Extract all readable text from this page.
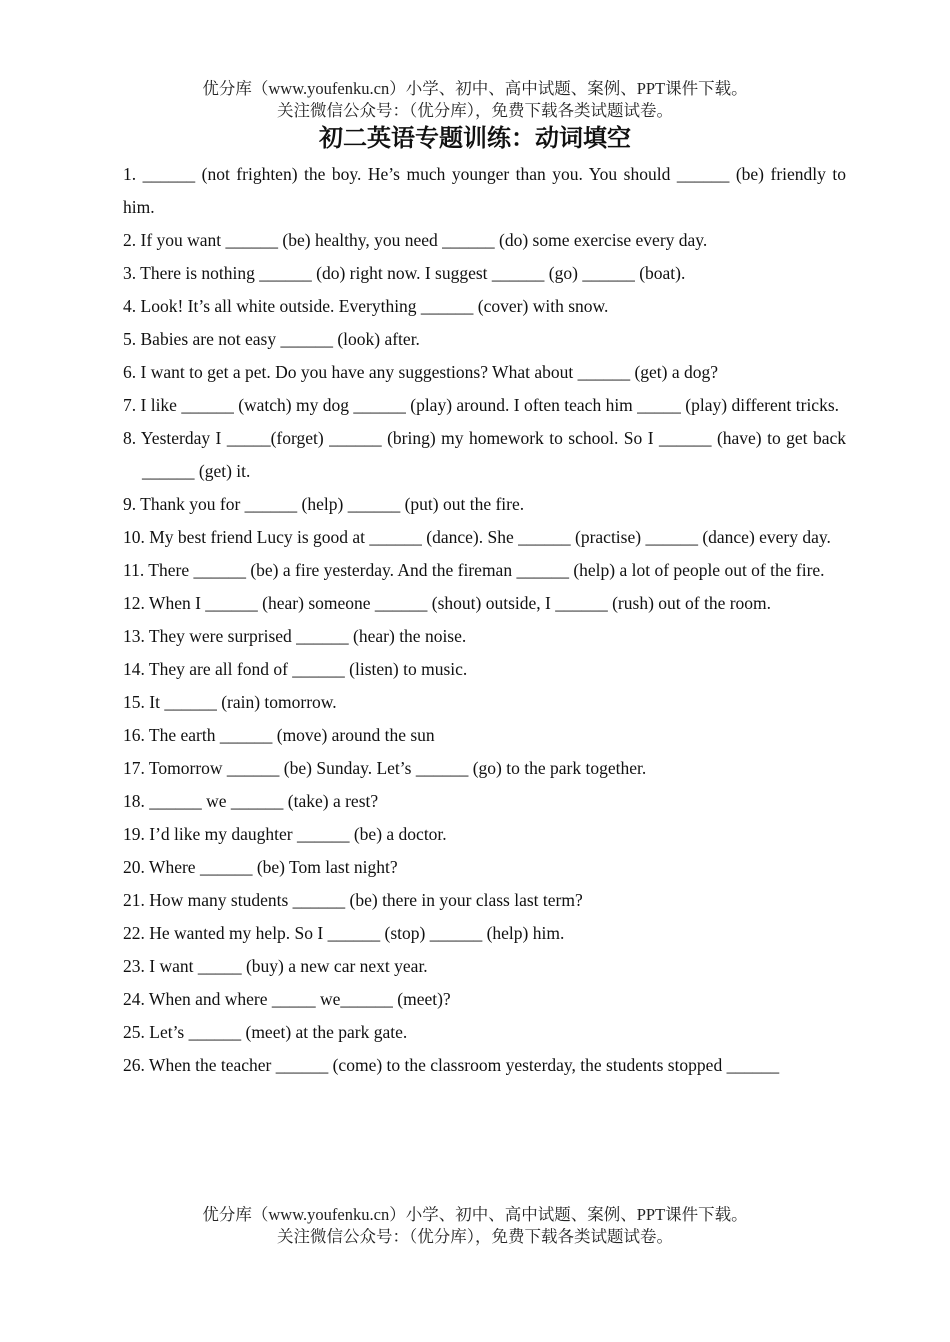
优分库（www.youfenku.cn）小学、初中、高中试题、案例、PPT课件下载。
关注微信公众号：（优分库），免费下载各类试题试卷。
初二英语专题训练：动词填空
1. ______ (not frighten) the boy. He’s much younger than you. You should ______ (be) friendly to him.
2. If you want ______ (be) healthy, you need ______ (do) some exercise every day.
3. There is nothing ______ (do) right now. I suggest ______ (go) ______ (boat).
4. Look! It’s all white outside. Everything ______ (cover) with snow.
5. Babies are not easy ______ (look) after.
6. I want to get a pet. Do you have any suggestions? What about ______ (get) a dog?
7. I like ______ (watch) my dog ______ (play) around. I often teach him _____ (play) different tricks.
8. Yesterday I _____(forget) ______ (bring) my homework to school. So I ______ (have) to get back ______ (get) it.
9. Thank you for ______ (help) ______ (put) out the fire.
10. My best friend Lucy is good at ______ (dance). She ______ (practise) ______ (dance) every day.
11. There ______ (be) a fire yesterday. And the fireman ______ (help) a lot of people out of the fire.
12. When I ______ (hear) someone ______ (shout) outside, I ______ (rush) out of the room.
13. They were surprised ______ (hear) the noise.
14. They are all fond of ______ (listen) to music.
15. It ______ (rain) tomorrow.
16. The earth ______ (move) around the sun
17. Tomorrow ______ (be) Sunday. Let’s ______ (go) to the park together.
18. ______ we ______ (take) a rest?
19. I’d like my daughter ______ (be) a doctor.
20. Where ______ (be) Tom last night?
21. How many students ______ (be) there in your class last term?
22. He wanted my help. So I ______ (stop) ______ (help) him.
23. I want _____ (buy) a new car next year.
24. When and where _____ we______ (meet)?
25. Let’s ______ (meet) at the park gate.
26. When the teacher ______ (come) to the classroom yesterday, the students stopped ______
优分库（www.youfenku.cn）小学、初中、高中试题、案例、PPT课件下载。
关注微信公众号：（优分库），免费下载各类试题试卷。
